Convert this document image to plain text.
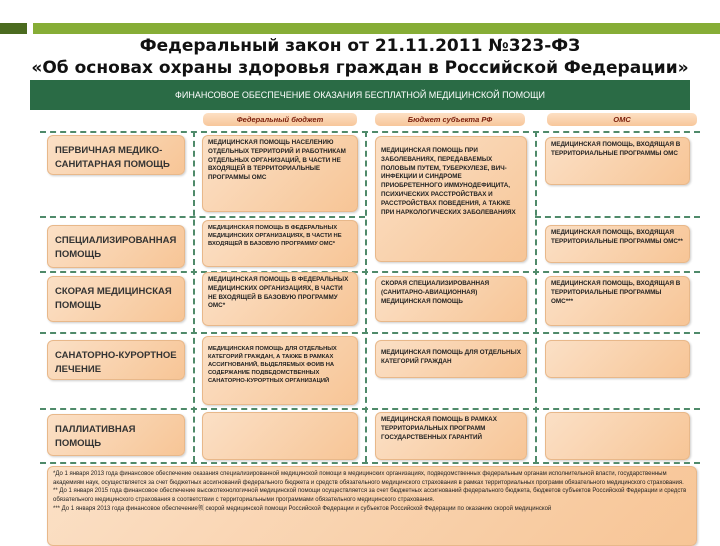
Федеральный закон от 21.11.2011 №323-ФЗ
«Об основах охраны здоровья граждан в Российской Федерации»
ФИНАНСОВОЕ ОБЕСПЕЧЕНИЕ ОКАЗАНИЯ БЕСПЛАТНОЙ МЕДИЦИНСКОЙ ПОМОЩИ
Федеральный бюджет	Бюджет субъекта РФ	ОМС
ПЕРВИЧНАЯ МЕДИКО-САНИТАРНАЯ ПОМОЩЬ
МЕДИЦИНСКАЯ ПОМОЩЬ НАСЕЛЕНИЮ ОТДЕЛЬНЫХ ТЕРРИТОРИЙ И РАБОТНИКАМ ОТДЕЛЬНЫХ ОРГАНИЗАЦИЙ, В ЧАСТИ НЕ ВХОДЯЩЕЙ В ТЕРРИТОРИАЛЬНЫЕ ПРОГРАММЫ ОМС
МЕДИЦИНСКАЯ ПОМОЩЬ ПРИ ЗАБОЛЕВАНИЯХ, ПЕРЕДАВАЕМЫХ ПОЛОВЫМ ПУТЕМ, ТУБЕРКУЛЕЗЕ, ВИЧ-ИНФЕКЦИИ И СИНДРОМЕ ПРИОБРЕТЕННОГО ИММУНОДЕФИЦИТА, ПСИХИЧЕСКИХ РАССТРОЙСТВАХ И РАССТРОЙСТВАХ ПОВЕДЕНИЯ, А ТАКЖЕ ПРИ НАРКОЛОГИЧЕСКИХ ЗАБОЛЕВАНИЯХ
МЕДИЦИНСКАЯ ПОМОЩЬ, ВХОДЯЩАЯ В ТЕРРИТОРИАЛЬНЫЕ ПРОГРАММЫ ОМС
СПЕЦИАЛИЗИРОВАННАЯ ПОМОЩЬ
МЕДИЦИНСКАЯ ПОМОЩЬ В ФЕДЕРАЛЬНЫХ МЕДИЦИНСКИХ ОРГАНИЗАЦИЯХ, В ЧАСТИ НЕ ВХОДЯЩЕЙ В БАЗОВУЮ ПРОГРАММУ ОМС*
МЕДИЦИНСКАЯ ПОМОЩЬ, ВХОДЯЩАЯ ТЕРРИТОРИАЛЬНЫЕ ПРОГРАММЫ ОМС**
СКОРАЯ МЕДИЦИНСКАЯ ПОМОЩЬ
МЕДИЦИНСКАЯ ПОМОЩЬ В ФЕДЕРАЛЬНЫХ МЕДИЦИНСКИХ ОРГАНИЗАЦИЯХ, В ЧАСТИ НЕ ВХОДЯЩЕЙ В БАЗОВУЮ ПРОГРАММУ ОМС*
СКОРАЯ СПЕЦИАЛИЗИРОВАННАЯ (САНИТАРНО-АВИАЦИОННАЯ) МЕДИЦИНСКАЯ ПОМОЩЬ
МЕДИЦИНСКАЯ ПОМОЩЬ, ВХОДЯЩАЯ В ТЕРРИТОРИАЛЬНЫЕ ПРОГРАММЫ ОМС***
САНАТОРНО-КУРОРТНОЕ ЛЕЧЕНИЕ
МЕДИЦИНСКАЯ ПОМОЩЬ ДЛЯ ОТДЕЛЬНЫХ КАТЕГОРИЙ ГРАЖДАН, А ТАКЖЕ В РАМКАХ АССИГНОВАНИЙ, ВЫДЕЛЯЕМЫХ ФОИВ НА СОДЕРЖАНИЕ ПОДВЕДОМСТВЕННЫХ САНАТОРНО-КУРОРТНЫХ ОРГАНИЗАЦИЙ
МЕДИЦИНСКАЯ ПОМОЩЬ ДЛЯ ОТДЕЛЬНЫХ КАТЕГОРИЙ ГРАЖДАН
ПАЛЛИАТИВНАЯ ПОМОЩЬ
МЕДИЦИНСКАЯ ПОМОЩЬ В РАМКАХ ТЕРРИТОРИАЛЬНЫХ ПРОГРАММ ГОСУДАРСТВЕННЫХ ГАРАНТИЙ
*До 1 января 2013 года финансовое обеспечение оказания специализированной медицинской помощи в медицинских организациях, подведомственных федеральным органам исполнительной власти, государственным академиям наук, осуществляется за счет бюджетных ассигнований федерального бюджета и средств обязательного медицинского страхования в рамках территориальных программ обязательного медицинского страхования.
** До 1 января 2015 года финансовое обеспечение высокотехнологичной медицинской помощи осуществляется за счет бюджетных ассигнований федерального бюджета, бюджетов субъектов Российской Федерации и средств обязательного медицинского страхования в соответствии с территориальными программами обязательного медицинского страхования.
*** До 1 января 2013 года финансовое обеспечение领 скорой медицинской помощи Российской Федерации и субъектов Российской Федерации по оказанию скорой медицинской
